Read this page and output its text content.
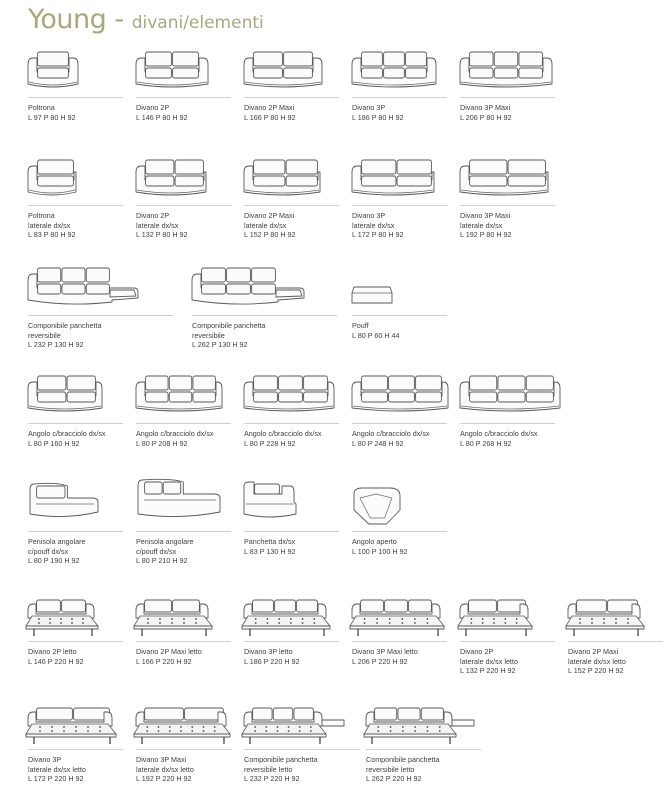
Young - divani/elementi
Poltrona
L 97 P 80 H 92
Divano 2P
L 146 P 80 H 92
Divano 2P Maxi
L 166 P 80 H 92
Divano 3P
L 186 P 80 H 92
Divano 3P Maxi
L 206 P 80 H 92
Poltrona
laterale dx/sx
L 83 P 80 H 92
Divano 2P
laterale dx/sx
L 132 P 80 H 92
Divano 2P Maxi
laterale dx/sx
L 152 P 80 H 92
Divano 3P
laterale dx/sx
L 172 P 80 H 92
Divano 3P Maxi
laterale dx/sx
L 192 P 80 H 92
Componibile panchetta
reversibile
L 232 P 130 H 92
Componibile panchetta
reversibile
L 262 P 130 H 92
Pouff
L 80 P 60 H 44
Angolo c/bracciolo dx/sx
L 80 P 160 H 92
Angolo c/bracciolo dx/sx
L 80 P 208 H 92
Angolo c/bracciolo dx/sx
L 80 P 228 H 92
Angolo c/bracciolo dx/sx
L 80 P 248 H 92
Angolo c/bracciolo dx/sx
L 80 P 268 H 92
Penisola angolare
c/pouff dx/sx
L 80 P 190 H 92
Penisola angolare
c/pouff dx/sx
L 80 P 210 H 92
Panchetta dx/sx
L 83 P 130 H 92
Angolo aperto
L 100 P 100 H 92
Divano 2P letto
L 146 P 220 H 92
Divano 2P Maxi letto
L 166 P 220 H 92
Divano 3P letto
L 186 P 220 H 92
Divano 3P Maxi letto
L 206 P 220 H 92
Divano 2P
laterale dx/sx letto
L 132 P 220 H 92
Divano 2P Maxi
laterale dx/sx letto
L 152 P 220 H 92
Divano 3P
laterale dx/sx letto
L 172 P 220 H 92
Divano 3P Maxi
laterale dx/sx letto
L 192 P 220 H 92
Componibile panchetta
reversibile letto
L 232 P 220 H 92
Componibile panchetta
reversibile letto
L 262 P 220 H 92
